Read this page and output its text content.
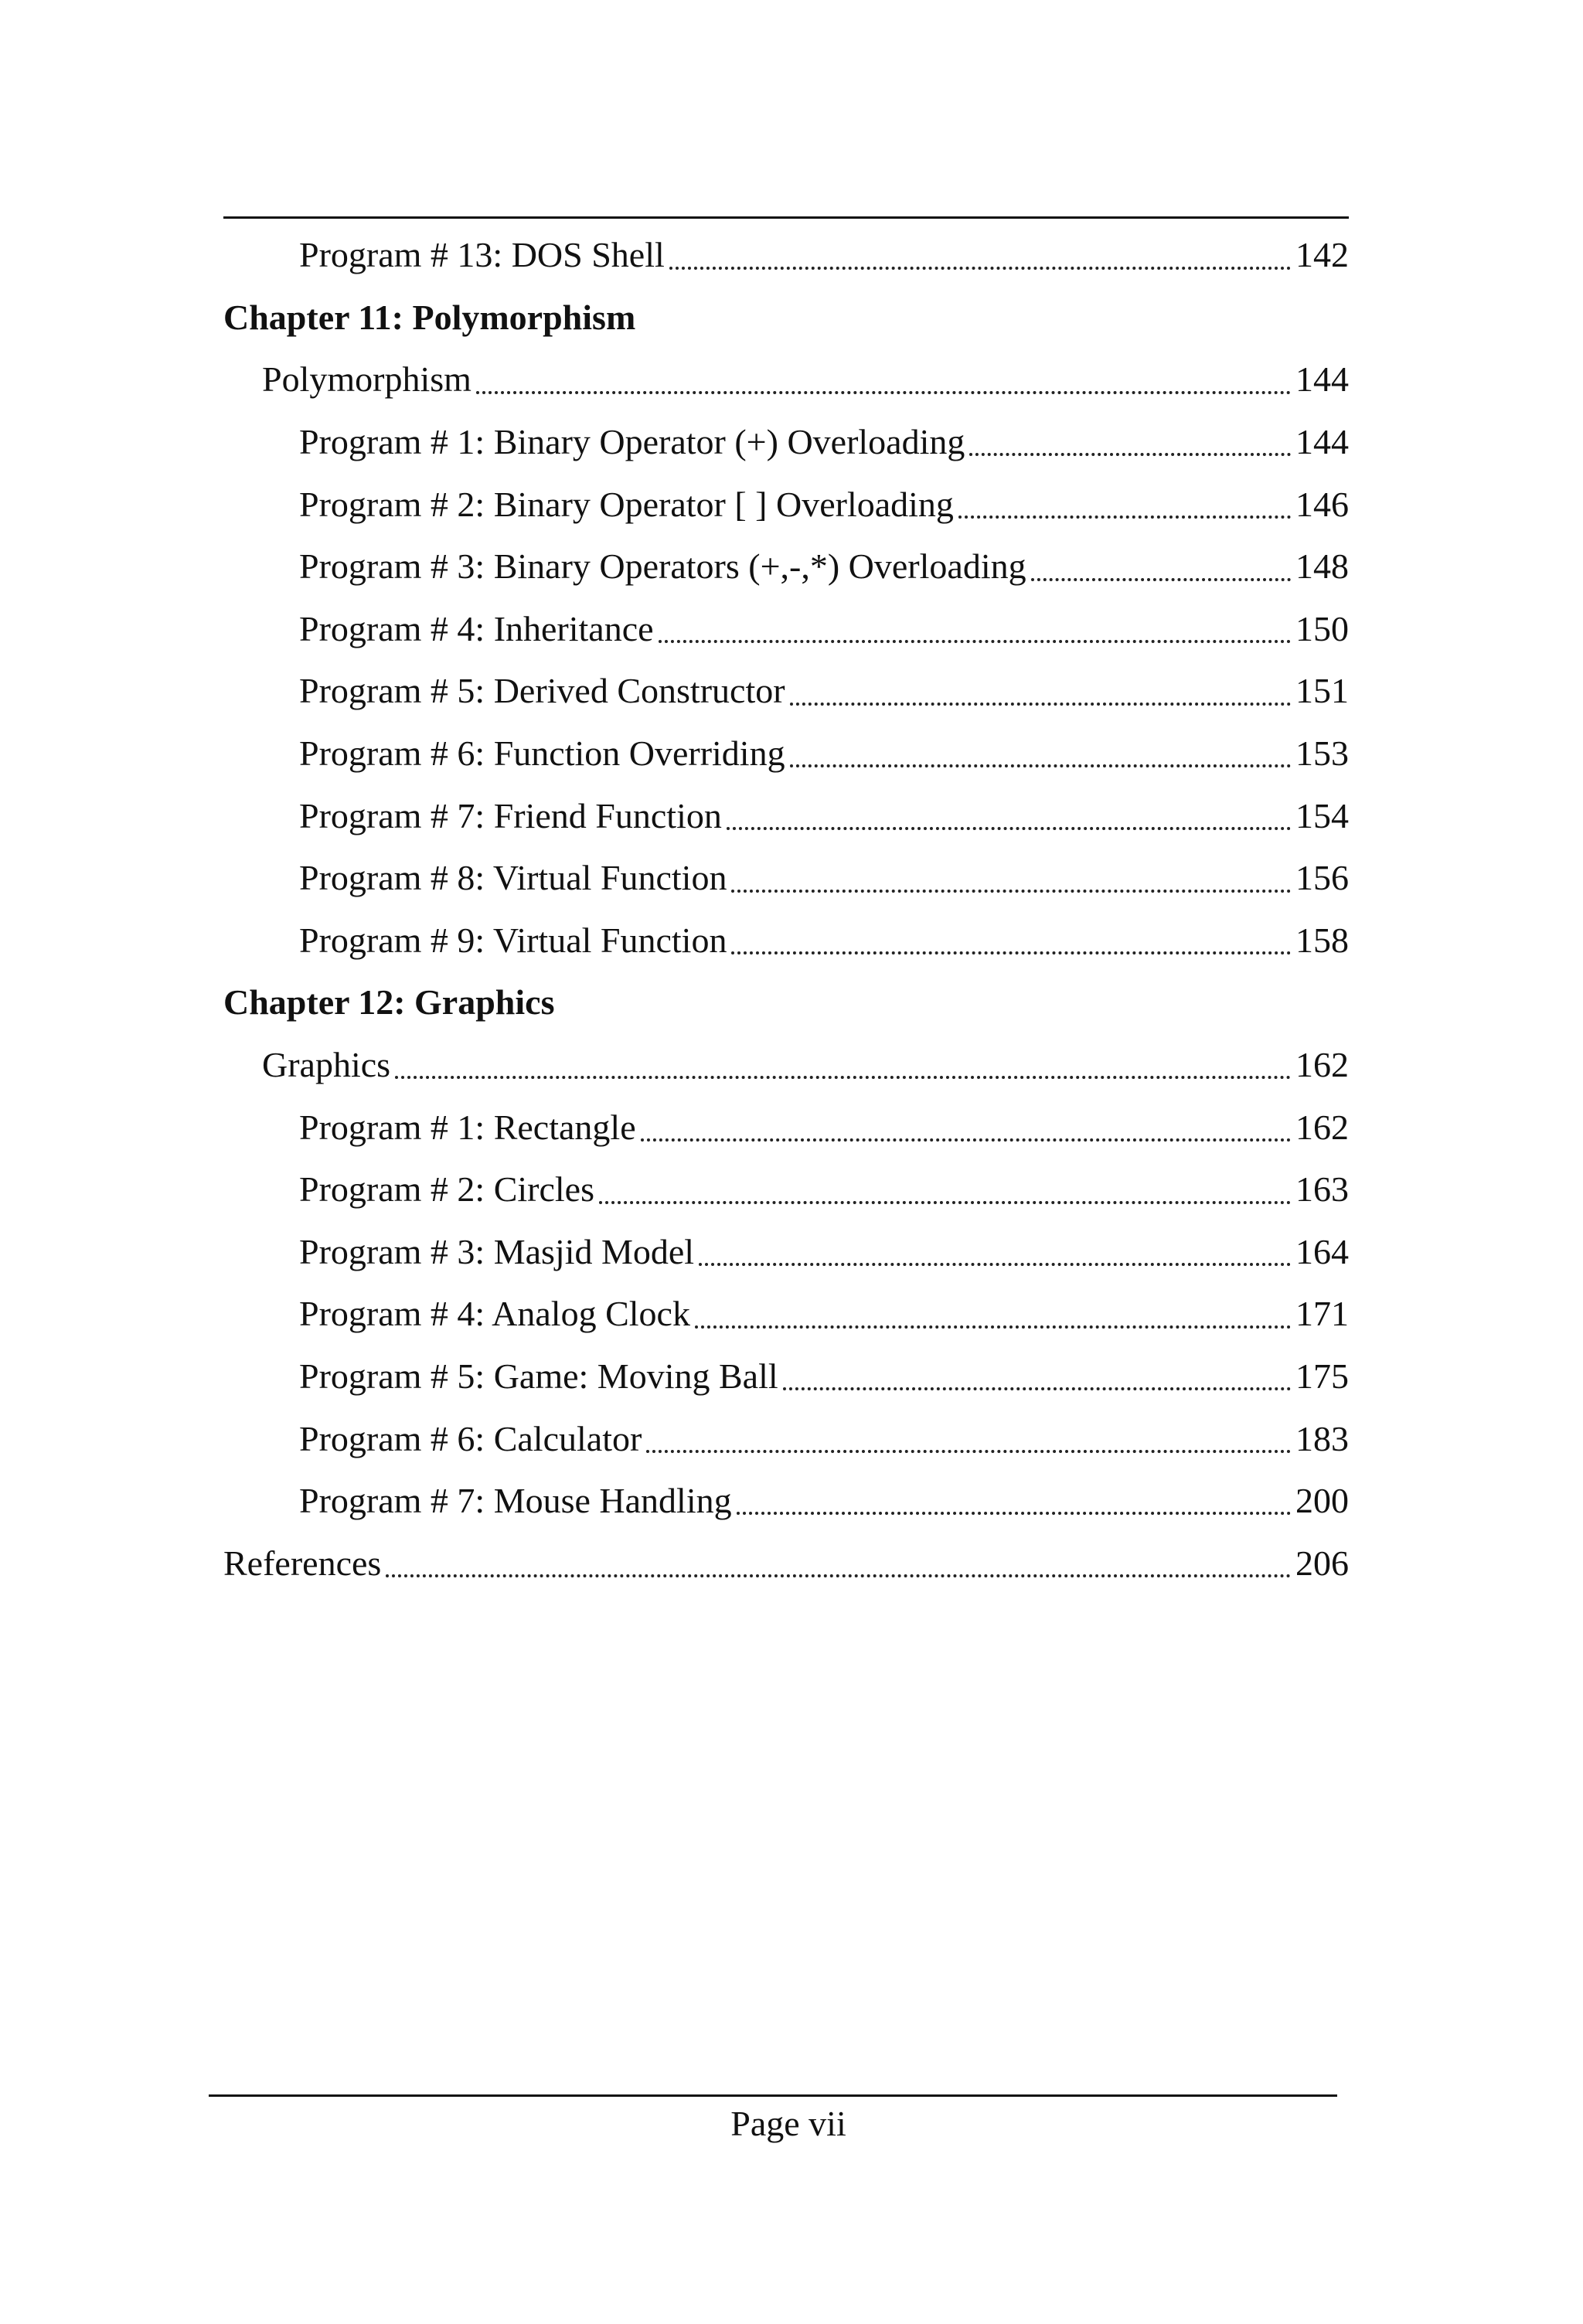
Program # 13: DOS Shell	142
Chapter 11: Polymorphism
Polymorphism	144
Program # 1: Binary Operator (+) Overloading	144
Program # 2: Binary Operator [ ] Overloading	146
Program # 3: Binary Operators (+,-,*) Overloading	148
Program # 4: Inheritance	150
Program # 5: Derived Constructor	151
Program # 6: Function Overriding	153
Program # 7: Friend Function	154
Program # 8: Virtual Function	156
Program # 9: Virtual Function	158
Chapter 12: Graphics
Graphics	162
Program # 1: Rectangle	162
Program # 2: Circles	163
Program # 3: Masjid Model	164
Program # 4: Analog Clock	171
Program # 5: Game: Moving Ball	175
Program # 6: Calculator	183
Program # 7: Mouse Handling	200
References	206
Page vii
